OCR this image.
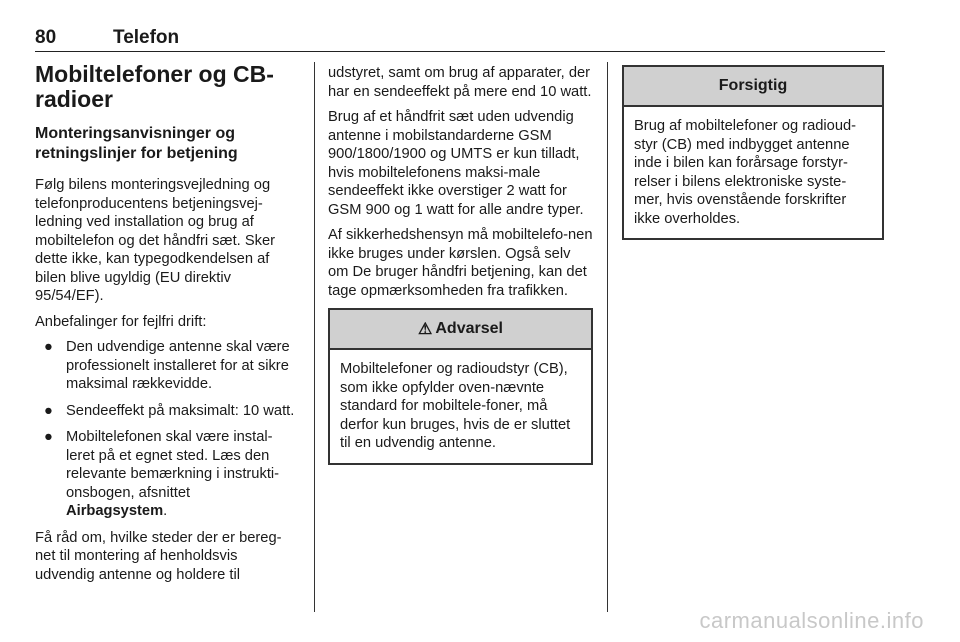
80	Telefon
Mobiltelefoner og CB-radioer
Monteringsanvisninger og retningslinjer for betjening

Følg bilens monteringsvejledning og telefonproducentens betjeningsvej-ledning ved installation og brug af mobiltelefon og det håndfri sæt. Sker dette ikke, kan typegodkendelsen af bilen blive ugyldig (EU direktiv 95/54/EF).

Anbefalinger for fejlfri drift:

● Den udvendige antenne skal være professionelt installeret for at sikre maksimal rækkevidde.
● Sendeeffekt på maksimalt: 10 watt.
● Mobiltelefonen skal være instal-leret på et egnet sted. Læs den relevante bemærkning i instrukti-onsbogen, afsnittet
Airbagsystem.

Få råd om, hvilke steder der er bereg-net til montering af henholdsvis udvendig antenne og holdere til

udstyret, samt om brug af apparater, der har en sendeeffekt på mere end 10 watt.

Brug af et håndfrit sæt uden udvendig antenne i mobilstandarderne GSM 900/1800/1900 og UMTS er kun tilladt, hvis mobiltelefonens maksi-male sendeeffekt ikke overstiger 2 watt for GSM 900 og 1 watt for alle andre typer.

Af sikkerhedshensyn må mobiltelefo-nen ikke bruges under kørslen. Også selv om De bruger håndfri betjening, kan det tage opmærksomheden fra trafikken.

⚠ Advarsel
Mobiltelefoner og radioudstyr (CB), som ikke opfylder oven-nævnte standard for mobiltele-foner, må derfor kun bruges, hvis de er sluttet til en udvendig antenne.
Forsigtig
Brug af mobiltelefoner og radioud-styr (CB) med indbygget antenne inde i bilen kan forårsage forstyr-relser i bilens elektroniske syste-mer, hvis ovenstående forskrifter ikke overholdes.
carmanualsonline.info
